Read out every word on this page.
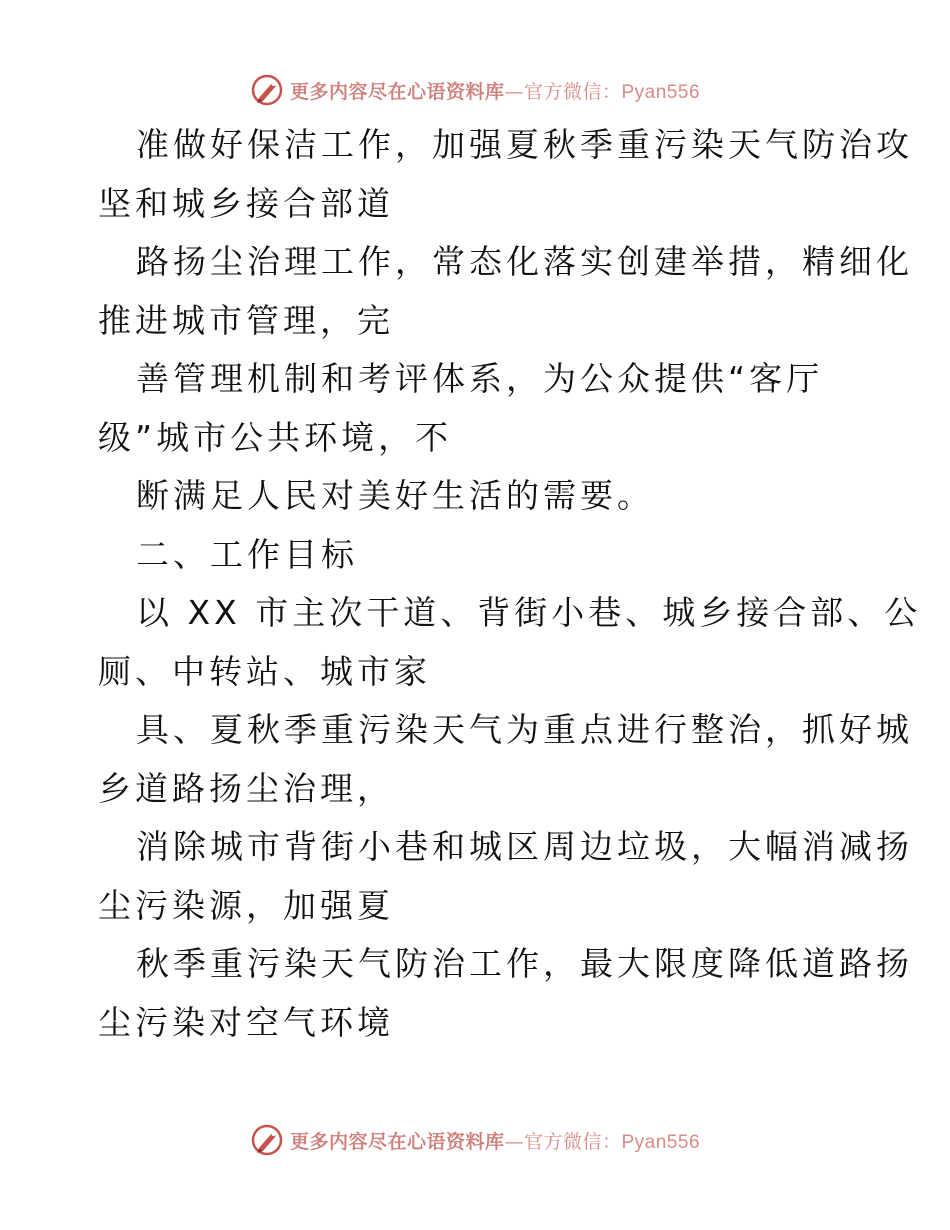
更多内容尽在心语资料库—官方微信：Pyan556
准做好保洁工作，加强夏秋季重污染天气防治攻
坚和城乡接合部道
路扬尘治理工作，常态化落实创建举措，精细化
推进城市管理，完
善管理机制和考评体系，为公众提供“客厅
级”城市公共环境，不
断满足人民对美好生活的需要。
二、工作目标
以 XX 市主次干道、背街小巷、城乡接合部、公
厕、中转站、城市家
具、夏秋季重污染天气为重点进行整治，抓好城
乡道路扬尘治理，
消除城市背街小巷和城区周边垃圾，大幅消减扬
尘污染源，加强夏
秋季重污染天气防治工作，最大限度降低道路扬
尘污染对空气环境
更多内容尽在心语资料库—官方微信：Pyan556
